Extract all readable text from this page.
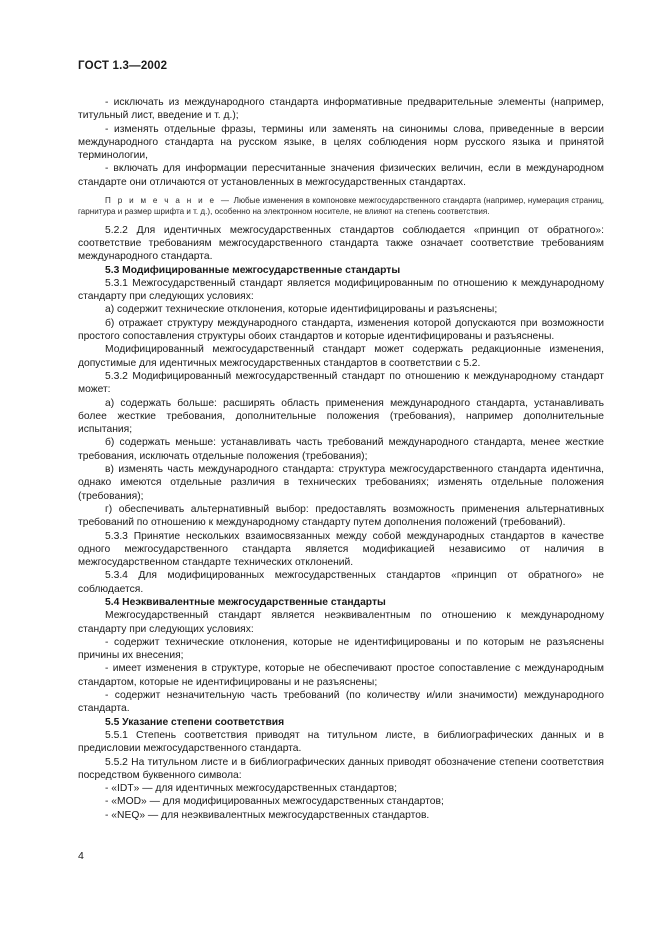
ГОСТ 1.3—2002

- исключать из международного стандарта информативные предварительные элементы (например, титульный лист, введение и т. д.);

- изменять отдельные фразы, термины или заменять на синонимы слова, приведенные в версии международного стандарта на русском языке, в целях соблюдения норм русского языка и принятой терминологии,

- включать для информации пересчитанные значения физических величин, если в международном стандарте они отличаются от установленных в межгосударственных стандартах.

П р и м е ч а н и е — Любые изменения в компоновке межгосударственного стандарта (например, нумерация страниц, гарнитура и размер шрифта и т. д.), особенно на электронном носителе, не влияют на степень соответствия.

5.2.2 Для идентичных межгосударственных стандартов соблюдается «принцип от обратного»: соответствие требованиям межгосударственного стандарта также означает соответствие требованиям международного стандарта.

5.3 Модифицированные межгосударственные стандарты

5.3.1 Межгосударственный стандарт является модифицированным по отношению к международному стандарту при следующих условиях:

а) содержит технические отклонения, которые идентифицированы и разъяснены;

б) отражает структуру международного стандарта, изменения которой допускаются при возможности простого сопоставления структуры обоих стандартов и которые идентифицированы и разъяснены.

Модифицированный межгосударственный стандарт может содержать редакционные изменения, допустимые для идентичных межгосударственных стандартов в соответствии с 5.2.

5.3.2 Модифицированный межгосударственный стандарт по отношению к международному стандарт может:

а) содержать больше: расширять область применения международного стандарта, устанавливать более жесткие требования, дополнительные положения (требования), например дополнительные испытания;

б) содержать меньше: устанавливать часть требований международного стандарта, менее жесткие требования, исключать отдельные положения (требования);

в) изменять часть международного стандарта: структура межгосударственного стандарта идентична, однако имеются отдельные различия в технических требованиях; изменять отдельные положения (требования);

г) обеспечивать альтернативный выбор: предоставлять возможность применения альтернативных требований по отношению к международному стандарту путем дополнения положений (требований).

5.3.3 Принятие нескольких взаимосвязанных между собой международных стандартов в качестве одного межгосударственного стандарта является модификацией независимо от наличия в межгосударственном стандарте технических отклонений.

5.3.4 Для модифицированных межгосударственных стандартов «принцип от обратного» не соблюдается.

5.4 Неэквивалентные межгосударственные стандарты

Межгосударственный стандарт является неэквивалентным по отношению к международному стандарту при следующих условиях:

- содержит технические отклонения, которые не идентифицированы и по которым не разъяснены причины их внесения;

- имеет изменения в структуре, которые не обеспечивают простое сопоставление с международным стандартом, которые не идентифицированы и не разъяснены;

- содержит незначительную часть требований (по количеству и/или значимости) международного стандарта.

5.5 Указание степени соответствия

5.5.1 Степень соответствия приводят на титульном листе, в библиографических данных и в предисловии межгосударственного стандарта.

5.5.2 На титульном листе и в библиографических данных приводят обозначение степени соответствия посредством буквенного символа:

- «IDT» — для идентичных межгосударственных стандартов;

- «MOD» — для модифицированных межгосударственных стандартов;

- «NEQ» — для неэквивалентных межгосударственных стандартов.

4
